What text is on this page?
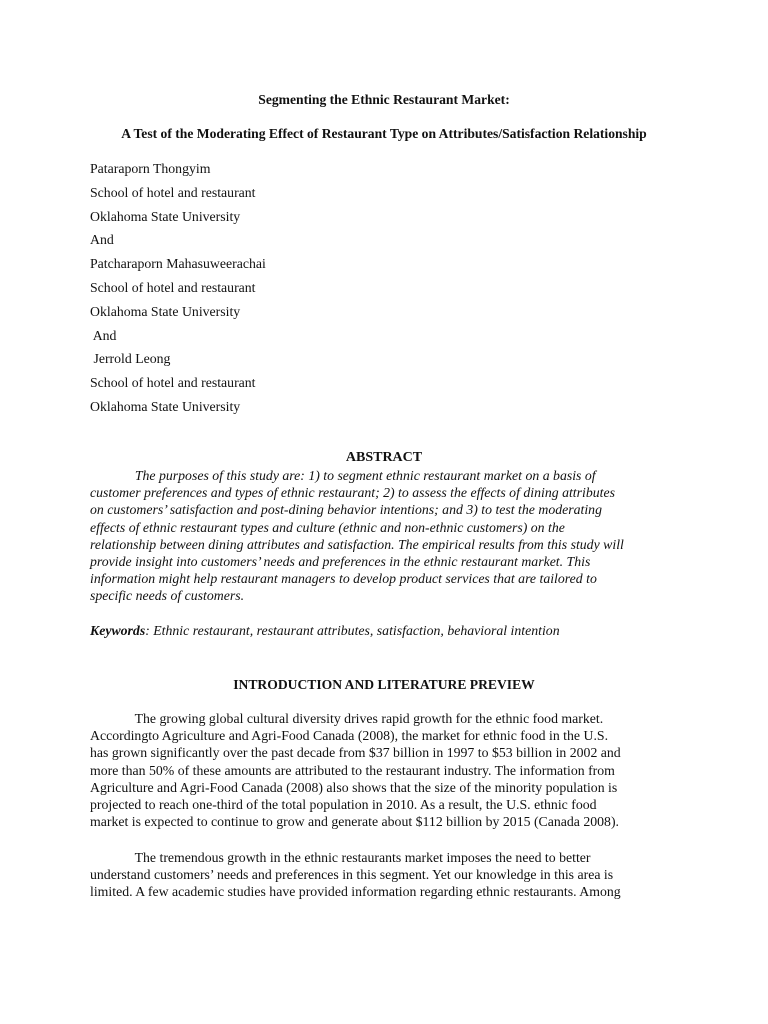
Segmenting the Ethnic Restaurant Market:
A Test of the Moderating Effect of Restaurant Type on Attributes/Satisfaction Relationship
Pataraporn Thongyim
School of hotel and restaurant
Oklahoma State University
And
Patcharaporn Mahasuweerachai
School of hotel and restaurant
Oklahoma State University
And
Jerrold Leong
School of hotel and restaurant
Oklahoma State University
ABSTRACT
The purposes of this study are: 1) to segment ethnic restaurant market on a basis of
customer preferences and types of ethnic restaurant; 2) to assess the effects of dining attributes
on customers’ satisfaction and post-dining behavior intentions; and 3) to test the moderating
effects of ethnic restaurant types and culture (ethnic and non-ethnic customers) on the
relationship between dining attributes and satisfaction. The empirical results from this study will
provide insight into customers’ needs and preferences in the ethnic restaurant market. This
information might help restaurant managers to develop product services that are tailored to
specific needs of customers.
Keywords: Ethnic restaurant, restaurant attributes, satisfaction, behavioral intention
INTRODUCTION AND LITERATURE PREVIEW
The growing global cultural diversity drives rapid growth for the ethnic food market.
Accordingto Agriculture and Agri-Food Canada (2008), the market for ethnic food in the U.S.
has grown significantly over the past decade from $37 billion in 1997 to $53 billion in 2002 and
more than 50% of these amounts are attributed to the restaurant industry. The information from
Agriculture and Agri-Food Canada (2008) also shows that the size of the minority population is
projected to reach one-third of the total population in 2010. As a result, the U.S. ethnic food
market is expected to continue to grow and generate about $112 billion by 2015 (Canada 2008).
The tremendous growth in the ethnic restaurants market imposes the need to better
understand customers’ needs and preferences in this segment. Yet our knowledge in this area is
limited. A few academic studies have provided information regarding ethnic restaurants. Among
